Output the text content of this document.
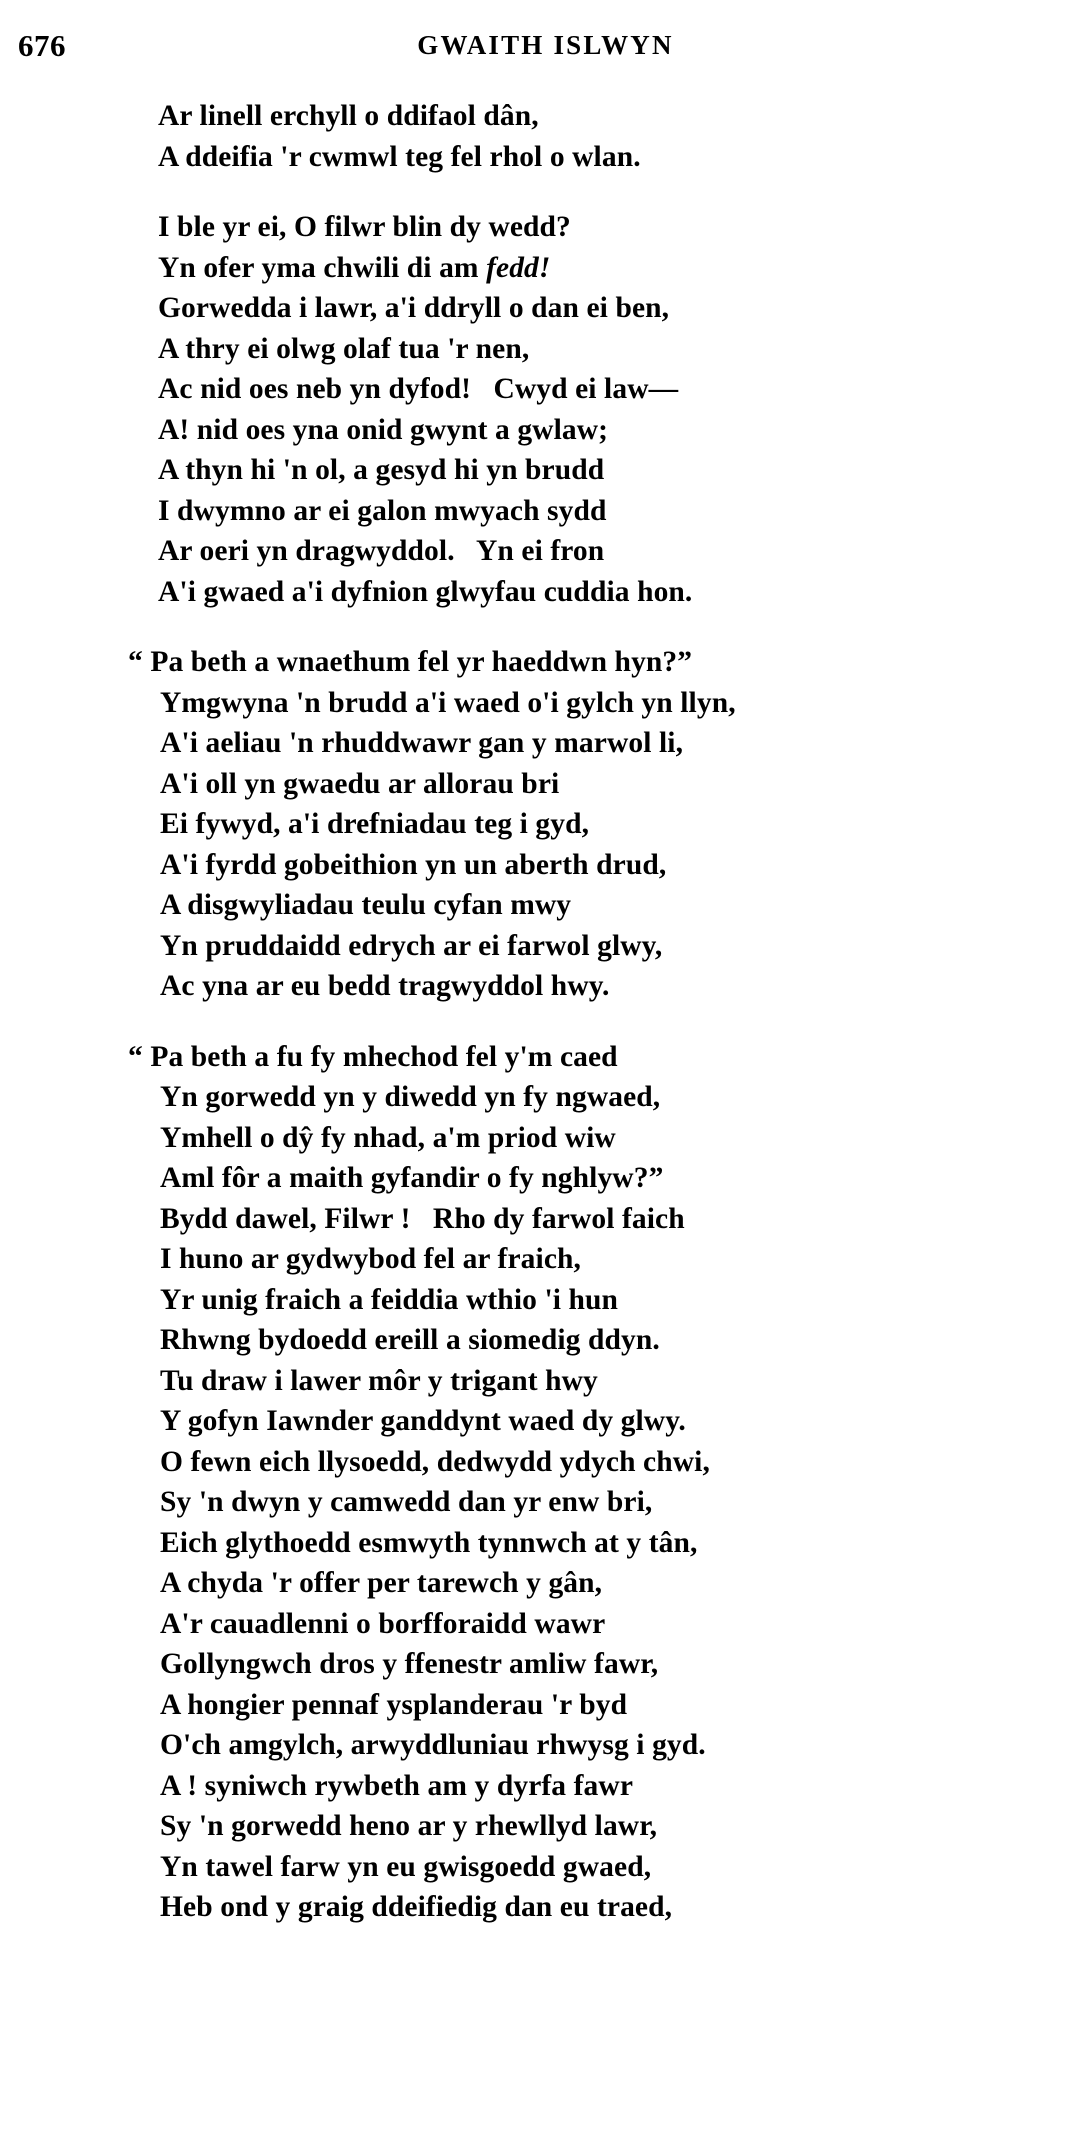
676	GWAITH ISLWYN
Ar linell erchyll o ddifaol dân,
A ddeifia 'r cwmwl teg fel rhol o wlan.
I ble yr ei, O filwr blin dy wedd?
Yn ofer yma chwili di am fedd!
Gorwedda i lawr, a'i ddryll o dan ei ben,
A thry ei olwg olaf tua 'r nen,
Ac nid oes neb yn dyfod!   Cwyd ei law—
A! nid oes yna onid gwynt a gwlaw;
A thyn hi 'n ol, a gesyd hi yn brudd
I dwymno ar ei galon mwyach sydd
Ar oeri yn dragwyddol.   Yn ei fron
A'i gwaed a'i dyfnion glwyfau cuddia hon.
“ Pa beth a wnaethum fel yr haeddwn hyn?”
Ymgwyna 'n brudd a'i waed o'i gylch yn llyn,
A'i aeliau 'n rhuddwawr gan y marwol li,
A'i oll yn gwaedu ar allorau bri
Ei fywyd, a'i drefniadau teg i gyd,
A'i fyrdd gobeithion yn un aberth drud,
A disgwyliadau teulu cyfan mwy
Yn pruddaidd edrych ar ei farwol glwy,
Ac yna ar eu bedd tragwyddol hwy.
“ Pa beth a fu fy mhechod fel y'm caed
Yn gorwedd yn y diwedd yn fy ngwaed,
Ymhell o dŷ fy nhad, a'm priod wiw
Aml fôr a maith gyfandir o fy nghlyw?”
Bydd dawel, Filwr !   Rho dy farwol faich
I huno ar gydwybod fel ar fraich,
Yr unig fraich a feiddia wthio 'i hun
Rhwng bydoedd ereill a siomedig ddyn.
Tu draw i lawer môr y trigant hwy
Y gofyn Iawnder ganddynt waed dy glwy.
O fewn eich llysoedd, dedwydd ydych chwi,
Sy 'n dwyn y camwedd dan yr enw bri,
Eich glythoedd esmwyth tynnwch at y tân,
A chyda 'r offer per tarewch y gân,
A'r cauadlenni o borfforaidd wawr
Gollyngwch dros y ffenestr amliw fawr,
A hongier pennaf ysplanderau 'r byd
O'ch amgylch, arwyddluniau rhwysg i gyd.
A ! syniwch rywbeth am y dyrfa fawr
Sy 'n gorwedd heno ar y rhewllyd lawr,
Yn tawel farw yn eu gwisgoedd gwaed,
Heb ond y graig ddeifiedig dan eu traed,
